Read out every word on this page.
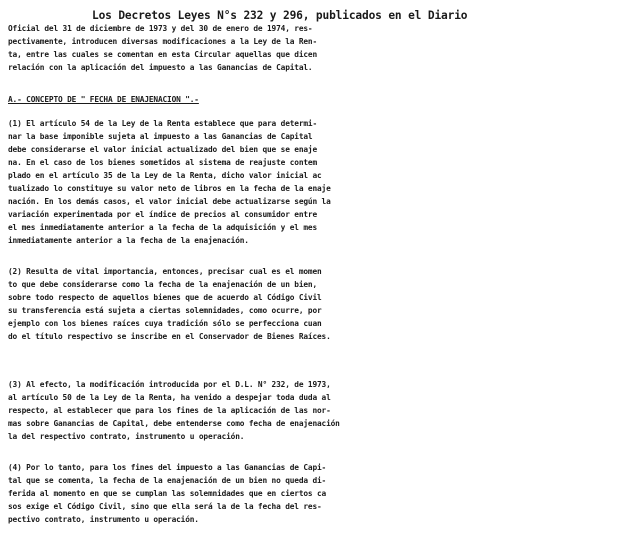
Los Decretos Leyes N°s 232 y 296, publicados en el Diario
Oficial del 31 de diciembre de 1973 y del 30 de enero de 1974, res-
pectivamente, introducen diversas modificaciones a la Ley de la Ren-
ta, entre las cuales se comentan en esta Circular aquellas que dicen
relación con la aplicación del impuesto a las Ganancias de Capital.
A.- CONCEPTO DE " FECHA DE ENAJENACION ".-
(1) El artículo 54 de la Ley de la Renta establece que para determi-
nar la base imponible sujeta al impuesto a las Ganancias de Capital
debe considerarse el valor inicial actualizado del bien que se enaje
na. En el caso de los bienes sometidos al sistema de reajuste contem
plado en el artículo 35 de la Ley de la Renta, dicho valor inicial ac
tualizado lo constituye su valor neto de libros en la fecha de la enaje
nación. En los demás casos, el valor inicial debe actualizarse según la
variación experimentada por el índice de precios al consumidor entre
el mes inmediatamente anterior a la fecha de la adquisición y el mes
inmediatamente anterior a la fecha de la enajenación.
(2) Resulta de vital importancia, entonces, precisar cual es el momen
to que debe considerarse como la fecha de la enajenación de un bien,
sobre todo respecto de aquellos bienes que de acuerdo al Código Civil
su transferencia está sujeta a ciertas solemnidades, como ocurre, por
ejemplo con los bienes raíces cuya tradición sólo se perfecciona cuan
do el título respectivo se inscribe en el Conservador de Bienes Raíces.
(3) Al efecto, la modificación introducida por el D.L. N° 232, de 1973,
al artículo 50 de la Ley de la Renta, ha venido a despejar toda duda al
respecto, al establecer que para los fines de la aplicación de las nor-
mas sobre Ganancias de Capital, debe entenderse como fecha de enajenación
la del respectivo contrato, instrumento u operación.
(4) Por lo tanto, para los fines del impuesto a las Ganancias de Capi-
tal que se comenta, la fecha de la enajenación de un bien no queda di-
ferida al momento en que se cumplan las solemnidades que en ciertos ca
sos exige el Código Civil, sino que ella será la de la fecha del res-
pectivo contrato, instrumento u operación.
